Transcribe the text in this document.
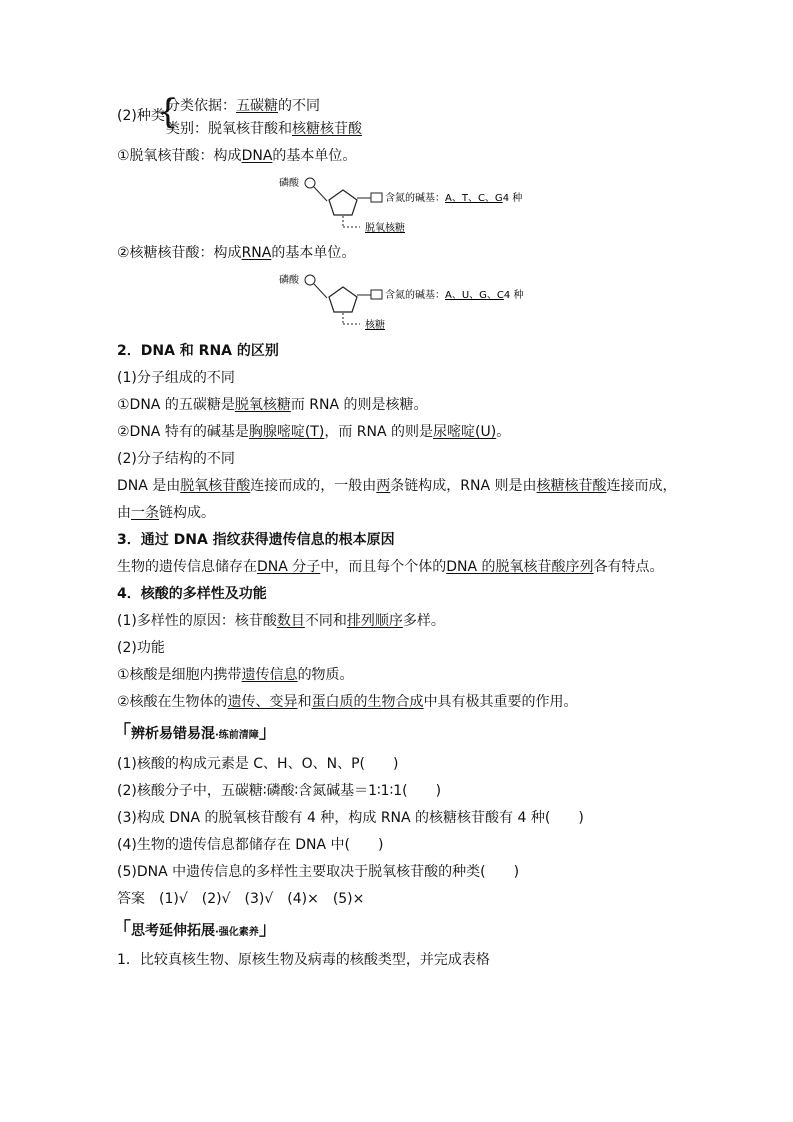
(2)种类
{
分类依据：五碳糖的不同
类别：脱氧核苷酸和核糖核苷酸
①脱氧核苷酸：构成DNA的基本单位。
磷酸
含氮的碱基：A、T、C、G4 种
脱氧核糖
②核糖核苷酸：构成RNA的基本单位。
磷酸
含氮的碱基：A、U、G、C4 种
核糖
2．DNA 和 RNA 的区别
(1)分子组成的不同
①DNA 的五碳糖是脱氧核糖而 RNA 的则是核糖。
②DNA 特有的碱基是胸腺嘧啶(T)，而 RNA 的则是尿嘧啶(U)。
(2)分子结构的不同
DNA 是由脱氧核苷酸连接而成的，一般由两条链构成，RNA 则是由核糖核苷酸连接而成，
由一条链构成。
3．通过 DNA 指纹获得遗传信息的根本原因
生物的遗传信息储存在DNA 分子中，而且每个个体的DNA 的脱氧核苷酸序列各有特点。
4．核酸的多样性及功能
(1)多样性的原因：核苷酸数目不同和排列顺序多样。
(2)功能
①核酸是细胞内携带遗传信息的物质。
②核酸在生物体的遗传、变异和蛋白质的生物合成中具有极其重要的作用。
「 辨析易错易混 ·练前清障 」
(1)核酸的构成元素是 C、H、O、N、P(　　)
(2)核酸分子中，五碳糖∶磷酸∶含氮碱基＝1∶1∶1(　　)
(3)构成 DNA 的脱氧核苷酸有 4 种，构成 RNA 的核糖核苷酸有 4 种(　　)
(4)生物的遗传信息都储存在 DNA 中(　　)
(5)DNA 中遗传信息的多样性主要取决于脱氧核苷酸的种类(　　)
答案　(1)√　(2)√　(3)√　(4)×　(5)×
「 思考延伸拓展 ·强化素养 」
1．比较真核生物、原核生物及病毒的核酸类型，并完成表格
